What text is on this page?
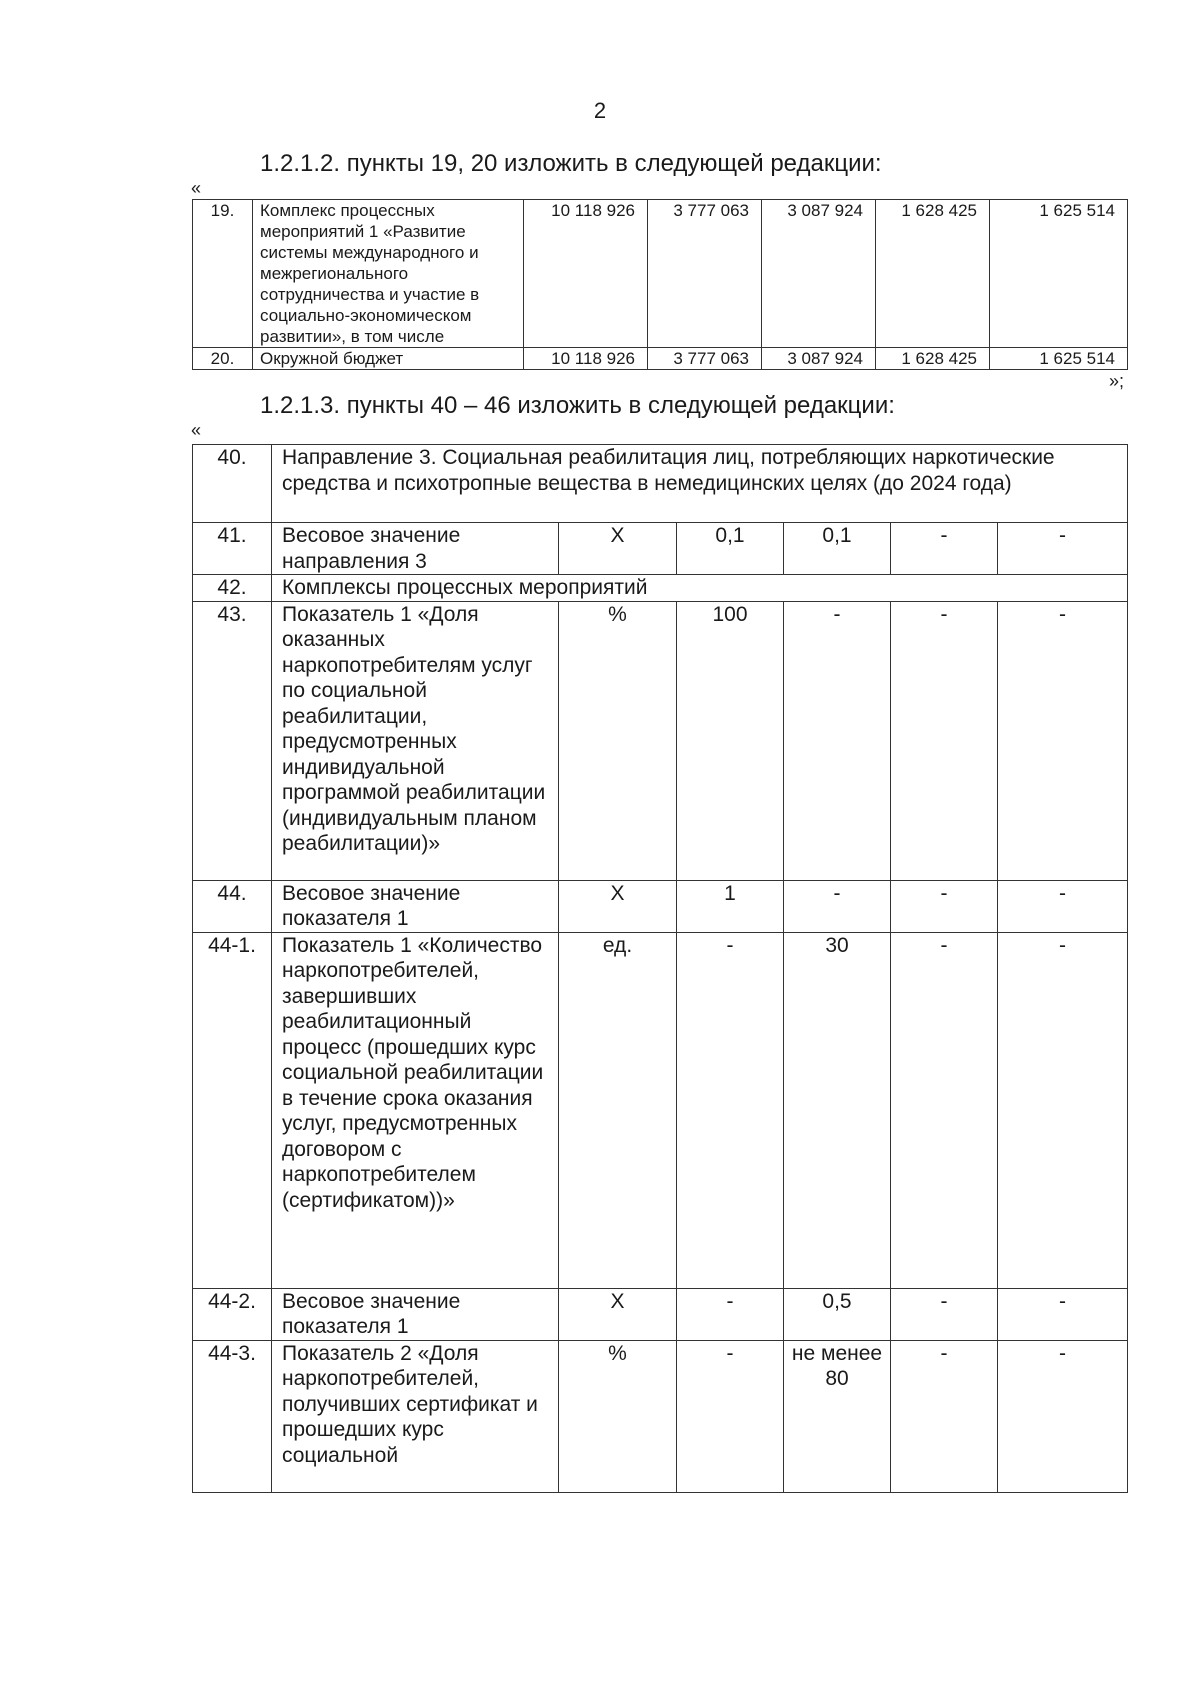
2
1.2.1.2. пункты 19, 20 изложить в следующей редакции:
«
19.	Комплекс процессных мероприятий 1 «Развитие системы международного и межрегионального сотрудничества и участие в социально-экономическом развитии», в том числе	10 118 926	3 777 063	3 087 924	1 628 425	1 625 514
20.	Окружной бюджет	10 118 926	3 777 063	3 087 924	1 628 425	1 625 514
»;
1.2.1.3. пункты 40 – 46 изложить в следующей редакции:
«
40.	Направление 3. Социальная реабилитация лиц, потребляющих наркотические средства и психотропные вещества в немедицинских целях (до 2024 года)					
41.	Весовое значение направления 3	Х	0,1	0,1	-	-
42.	Комплексы процессных мероприятий					
43.	Показатель 1 «Доля оказанных наркопотребителям услуг по социальной реабилитации, предусмотренных индивидуальной программой реабилитации (индивидуальным планом реабилитации)»	%	100	-	-	-
44.	Весовое значение показателя 1	Х	1	-	-	-
44-1.	Показатель 1 «Количество наркопотребителей, завершивших реабилитационный процесс (прошедших курс социальной реабилитации в течение срока оказания услуг, предусмотренных договором с наркопотребителем (сертификатом))»	ед.	-	30	-	-
44-2.	Весовое значение показателя 1	Х	-	0,5	-	-
44-3.	Показатель 2 «Доля наркопотребителей, получивших сертификат и прошедших курс социальной	%	-	не менее 80	-	-
